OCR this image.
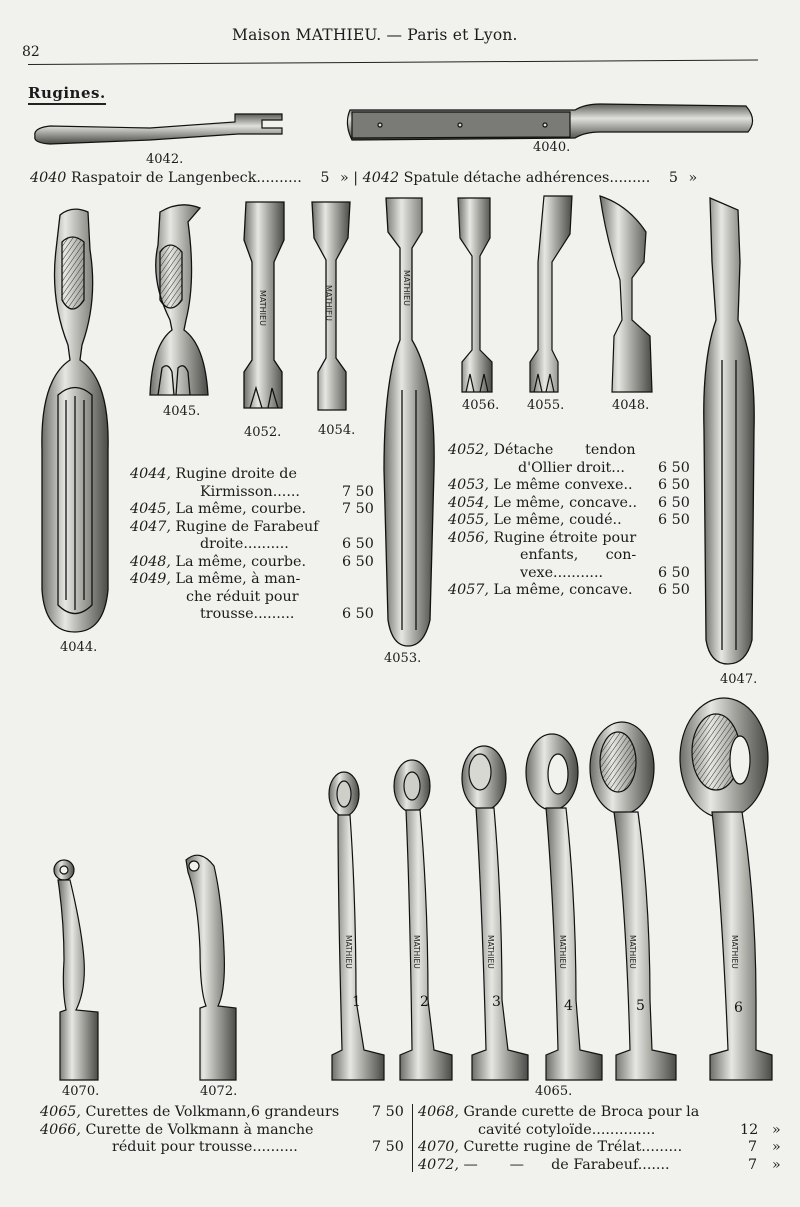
82
Maison MATHIEU. — Paris et Lyon.
Rugines.
MATHIEU	MATHIEU	MATHIEU
MATHIEU	MATHIEU	MATHIEU	MATHIEU	MATHIEU	MATHIEU
1	2	3	4	5	6
4042.
4040.
4040 Raspatoir de Langenbeck.......... 5 » | 4042 Spatule détache adhérences......... 5 »
4045.
4052.	4054.
4044.
4053.
4056. 4055.	4048.
4047.
4044, Rugine droite de
Kirmisson......	7 50
4045, La même, courbe.	7 50
4047, Rugine de Farabeuf
droite..........	6 50
4048, La même, courbe.	6 50
4049, La même, à man-
che réduit pour
trousse.........	6 50
4052, Détache       tendon
d'Ollier droit... 6 50
4053, Le même convexe.. 6 50
4054, Le même, concave.. 6 50
4055, Le même, coudé..	6 50
4056, Rugine étroite pour
enfants,      con-
vexe...........	6 50
4057, La même, concave. 6 50
4070.	4072.	4065.
4065, Curettes de Volkmann,6 grandeurs 7 50
4066, Curette de Volkmann à manche
réduit pour trousse..........	7 50
4068, Grande curette de Broca pour la
cavité cotyloïde..............	12 »
4070, Curette rugine de Trélat.........	7 »
4072, —       —      de Farabeuf.......	7 »
